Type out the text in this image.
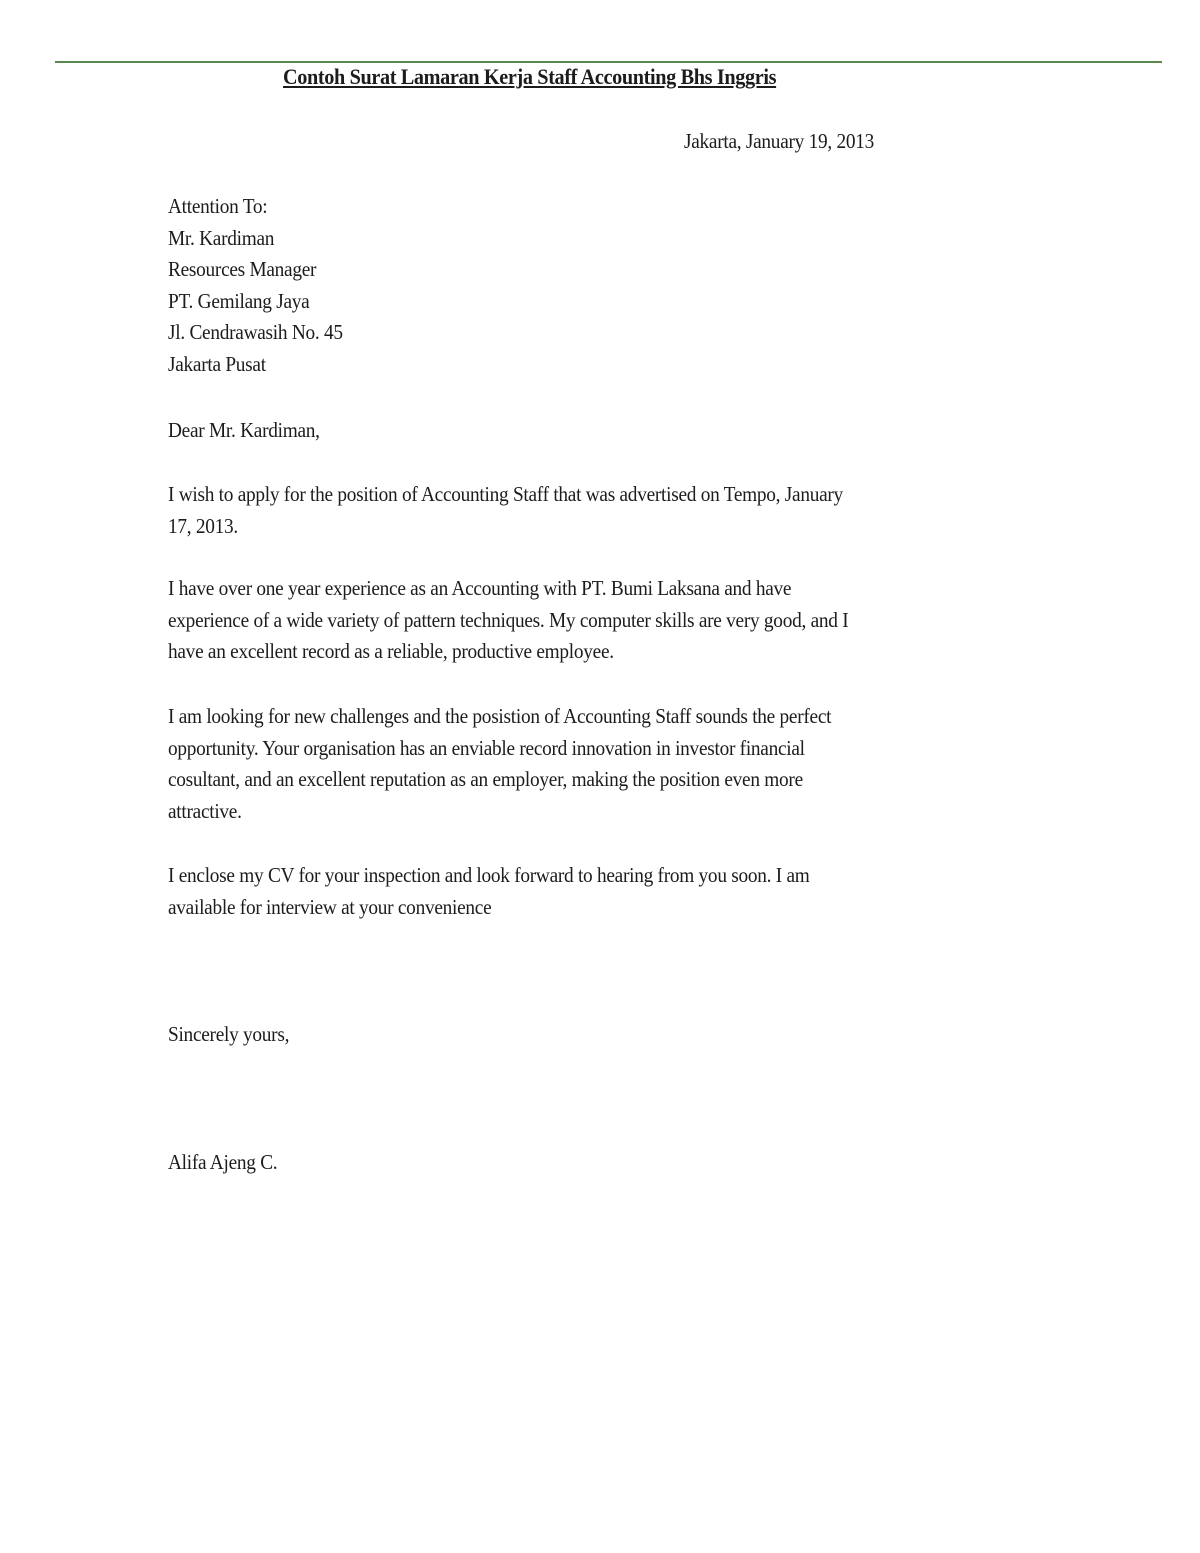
Contoh Surat Lamaran Kerja Staff Accounting Bhs Inggris
Jakarta, January 19, 2013
Attention To:
Mr. Kardiman
Resources Manager
PT. Gemilang Jaya
Jl. Cendrawasih No. 45
Jakarta Pusat
Dear Mr. Kardiman,
I wish to apply for the position of Accounting Staff that was advertised on Tempo, January
17, 2013.
I have over one year experience as an Accounting with PT. Bumi Laksana and have
experience of a wide variety of pattern techniques. My computer skills are very good, and I
have an excellent record as a reliable, productive employee.
I am looking for new challenges and the posistion of Accounting Staff sounds the perfect
opportunity. Your organisation has an enviable record innovation in investor financial
cosultant, and an excellent reputation as an employer, making the position even more
attractive.
I enclose my CV for your inspection and look forward to hearing from you soon. I am
available for interview at your convenience
Sincerely yours,
Alifa Ajeng C.
